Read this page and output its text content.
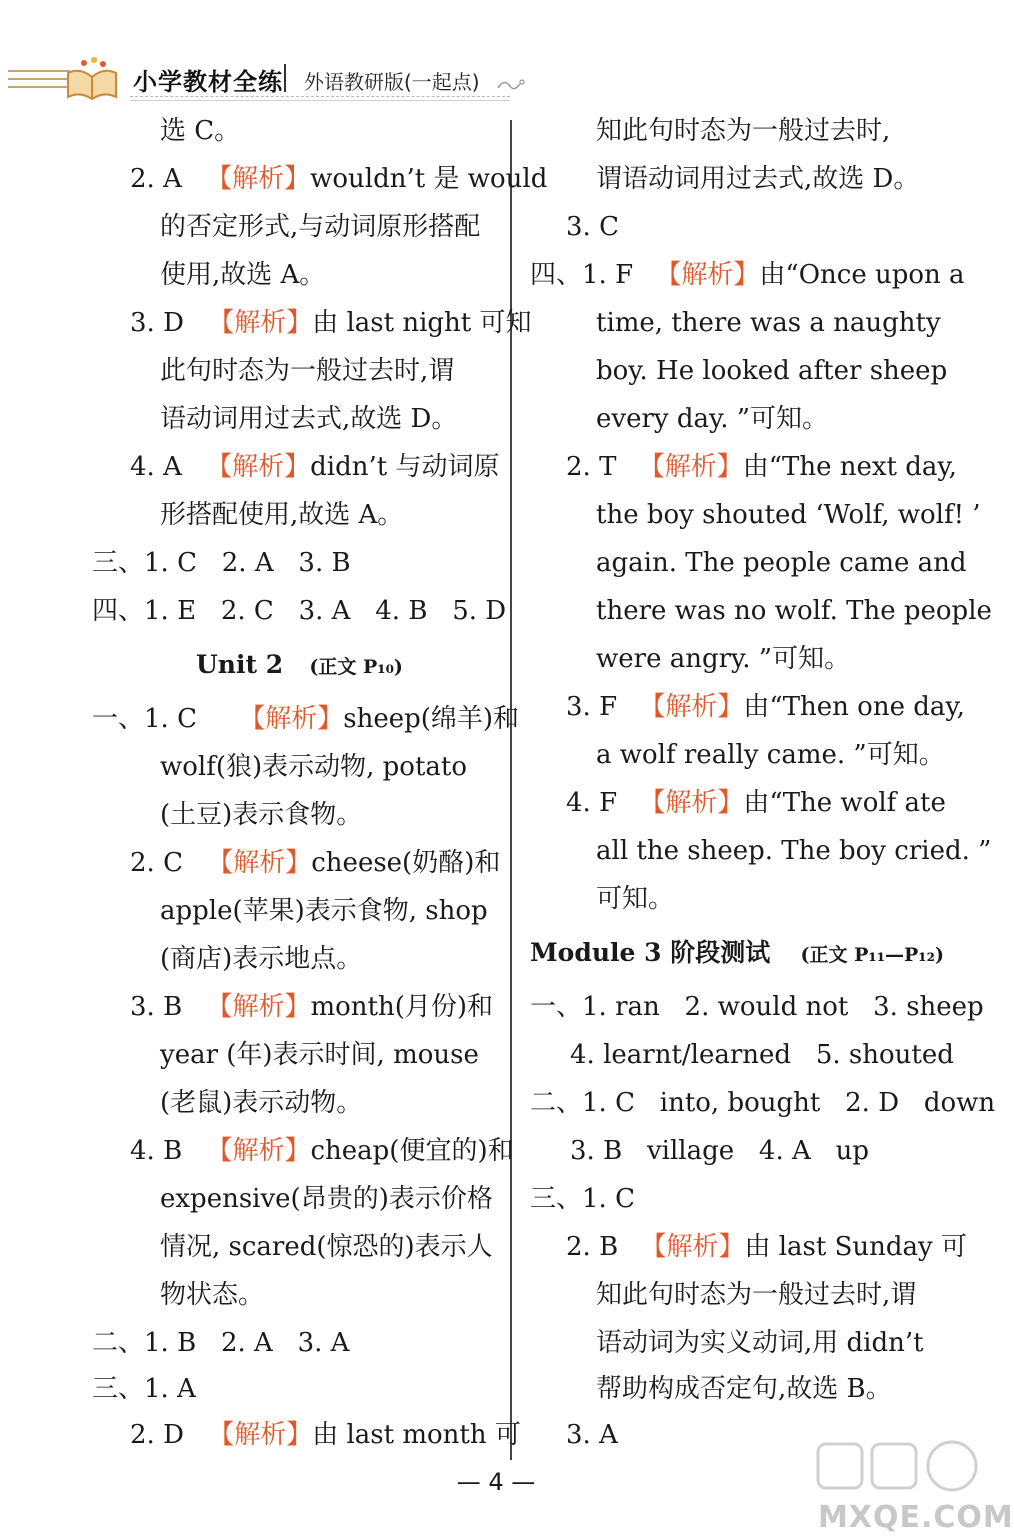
小学教材全练 外语教研版(一起点)
选 C。
2. A 【解析】wouldn’t 是 would
的否定形式,与动词原形搭配
使用,故选 A。
3. D 【解析】由 last night 可知
此句时态为一般过去时,谓
语动词用过去式,故选 D。
4. A 【解析】didn’t 与动词原
形搭配使用,故选 A。
三、1. C   2. A   3. B
四、1. E   2. C   3. A   4. B   5. D
Unit 2 (正文 P₁₀)
一、1. C 【解析】sheep(绵羊)和
wolf(狼)表示动物, potato
(土豆)表示食物。
2. C 【解析】cheese(奶酪)和
apple(苹果)表示食物, shop
(商店)表示地点。
3. B 【解析】month(月份)和
year (年)表示时间, mouse
(老鼠)表示动物。
4. B 【解析】cheap(便宜的)和
expensive(昂贵的)表示价格
情况, scared(惊恐的)表示人
物状态。
二、1. B   2. A   3. A
三、1. A
2. D 【解析】由 last month 可
知此句时态为一般过去时,
谓语动词用过去式,故选 D。
3. C
四、1. F 【解析】由“Once upon a
time, there was a naughty
boy. He looked after sheep
every day. ”可知。
2. T 【解析】由“The next day,
the boy shouted ‘Wolf, wolf! ’
again. The people came and
there was no wolf. The people
were angry. ”可知。
3. F 【解析】由“Then one day,
a wolf really came. ”可知。
4. F 【解析】由“The wolf ate
all the sheep. The boy cried. ”
可知。
Module 3 阶段测试 (正文 P₁₁—P₁₂)
一、1. ran   2. would not   3. sheep
4. learnt/learned   5. shouted
二、1. C   into, bought   2. D   down
3. B   village   4. A   up
三、1. C
2. B 【解析】由 last Sunday 可
知此句时态为一般过去时,谓
语动词为实义动词,用 didn’t
帮助构成否定句,故选 B。
3. A
— 4 —
MXQE.COM
